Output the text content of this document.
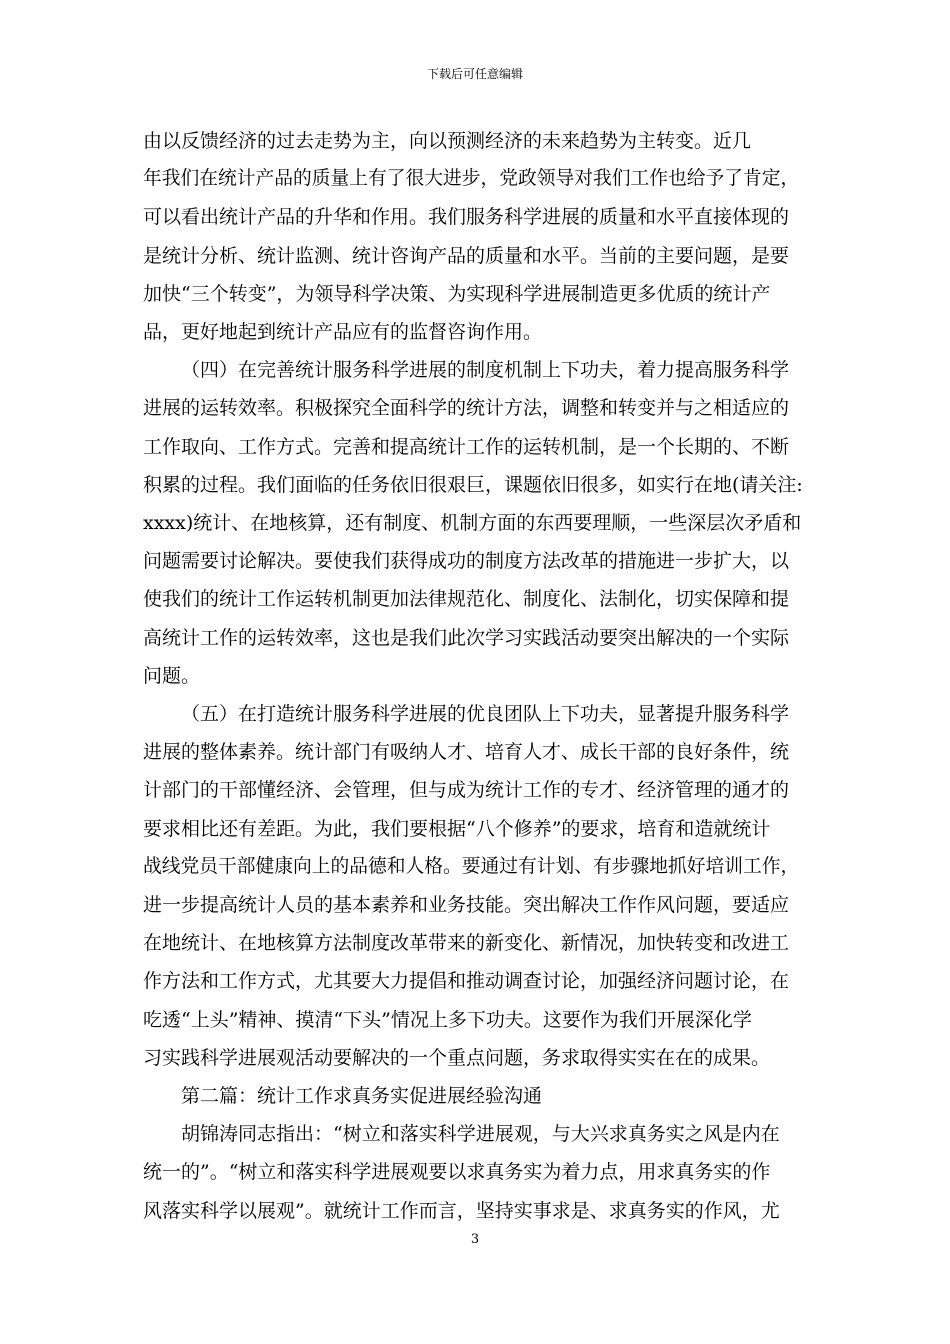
下载后可任意编辑

由以反馈经济的过去走势为主，向以预测经济的未来趋势为主转变。近几
年我们在统计产品的质量上有了很大进步，党政领导对我们工作也给予了肯定，
可以看出统计产品的升华和作用。我们服务科学进展的质量和水平直接体现的
是统计分析、统计监测、统计咨询产品的质量和水平。当前的主要问题，是要
加快“三个转变”，为领导科学决策、为实现科学进展制造更多优质的统计产
品，更好地起到统计产品应有的监督咨询作用。

（四）在完善统计服务科学进展的制度机制上下功夫，着力提高服务科学
进展的运转效率。积极探究全面科学的统计方法，调整和转变并与之相适应的
工作取向、工作方式。完善和提高统计工作的运转机制，是一个长期的、不断
积累的过程。我们面临的任务依旧很艰巨，课题依旧很多，如实行在地(请关注:
xxxx)统计、在地核算，还有制度、机制方面的东西要理顺，一些深层次矛盾和
问题需要讨论解决。要使我们获得成功的制度方法改革的措施进一步扩大，以
使我们的统计工作运转机制更加法律规范化、制度化、法制化，切实保障和提
高统计工作的运转效率，这也是我们此次学习实践活动要突出解决的一个实际
问题。

（五）在打造统计服务科学进展的优良团队上下功夫，显著提升服务科学
进展的整体素养。统计部门有吸纳人才、培育人才、成长干部的良好条件，统
计部门的干部懂经济、会管理，但与成为统计工作的专才、经济管理的通才的
要求相比还有差距。为此，我们要根据“八个修养”的要求，培育和造就统计
战线党员干部健康向上的品德和人格。要通过有计划、有步骤地抓好培训工作，
进一步提高统计人员的基本素养和业务技能。突出解决工作作风问题，要适应
在地统计、在地核算方法制度改革带来的新变化、新情况，加快转变和改进工
作方法和工作方式，尤其要大力提倡和推动调查讨论，加强经济问题讨论，在
吃透“上头”精神、摸清“下头”情况上多下功夫。这要作为我们开展深化学
习实践科学进展观活动要解决的一个重点问题，务求取得实实在在的成果。

第二篇：统计工作求真务实促进展经验沟通

胡锦涛同志指出：“树立和落实科学进展观，与大兴求真务实之风是内在
统一的”。“树立和落实科学进展观要以求真务实为着力点，用求真务实的作
风落实科学以展观”。就统计工作而言，坚持实事求是、求真务实的作风，尤

3
